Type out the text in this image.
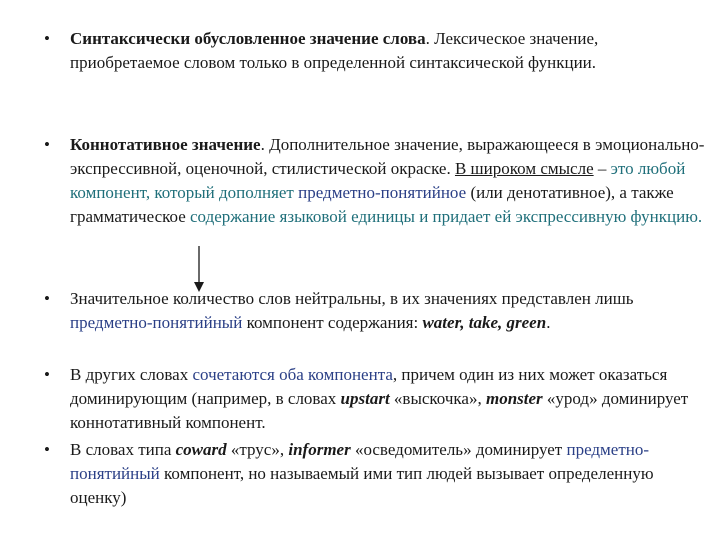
• Синтаксически обусловленное значение слова. Лексическое значение, приобретаемое словом только в определенной синтаксической функции.
• Коннотативное значение. Дополнительное значение, выражающееся в эмоционально-экспрессивной, оценочной, стилистической окраске. В широком смысле – это любой компонент, который дополняет предметно-понятийное (или денотативное), а также грамматическое содержание языковой единицы и придает ей экспрессивную функцию.
• Значительное количество слов нейтральны, в их значениях представлен лишь предметно-понятийный компонент содержания: water, take, green.
• В других словах сочетаются оба компонента, причем один из них может оказаться доминирующим (например, в словах upstart «выскочка», monster «урод» доминирует коннотативный компонент.
• В словах типа coward «трус», informer «осведомитель» доминирует предметно-понятийный компонент, но называемый ими тип людей вызывает определенную оценку)
